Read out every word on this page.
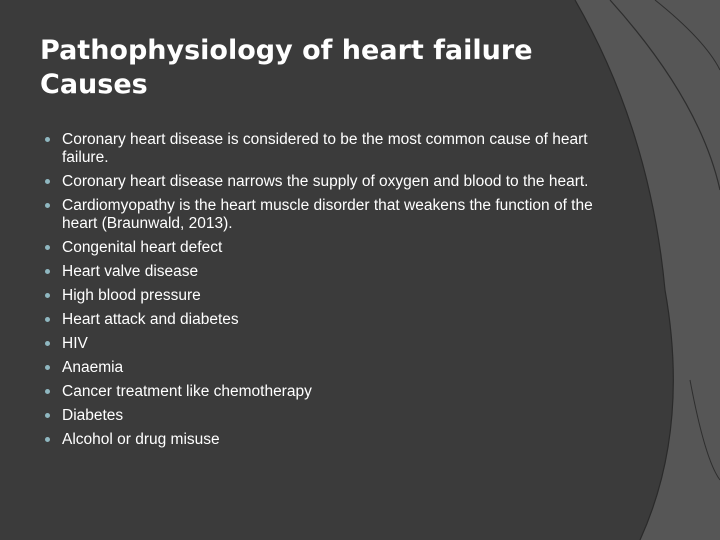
Pathophysiology of heart failure
Causes
Coronary heart disease is considered to be the most common cause of heart failure.
Coronary heart disease narrows the supply of oxygen and blood to the heart.
Cardiomyopathy is the heart muscle disorder that weakens the function of the heart (Braunwald, 2013).
Congenital heart defect
Heart valve disease
High blood pressure
Heart attack and diabetes
HIV
Anaemia
Cancer treatment like chemotherapy
Diabetes
Alcohol or drug misuse
